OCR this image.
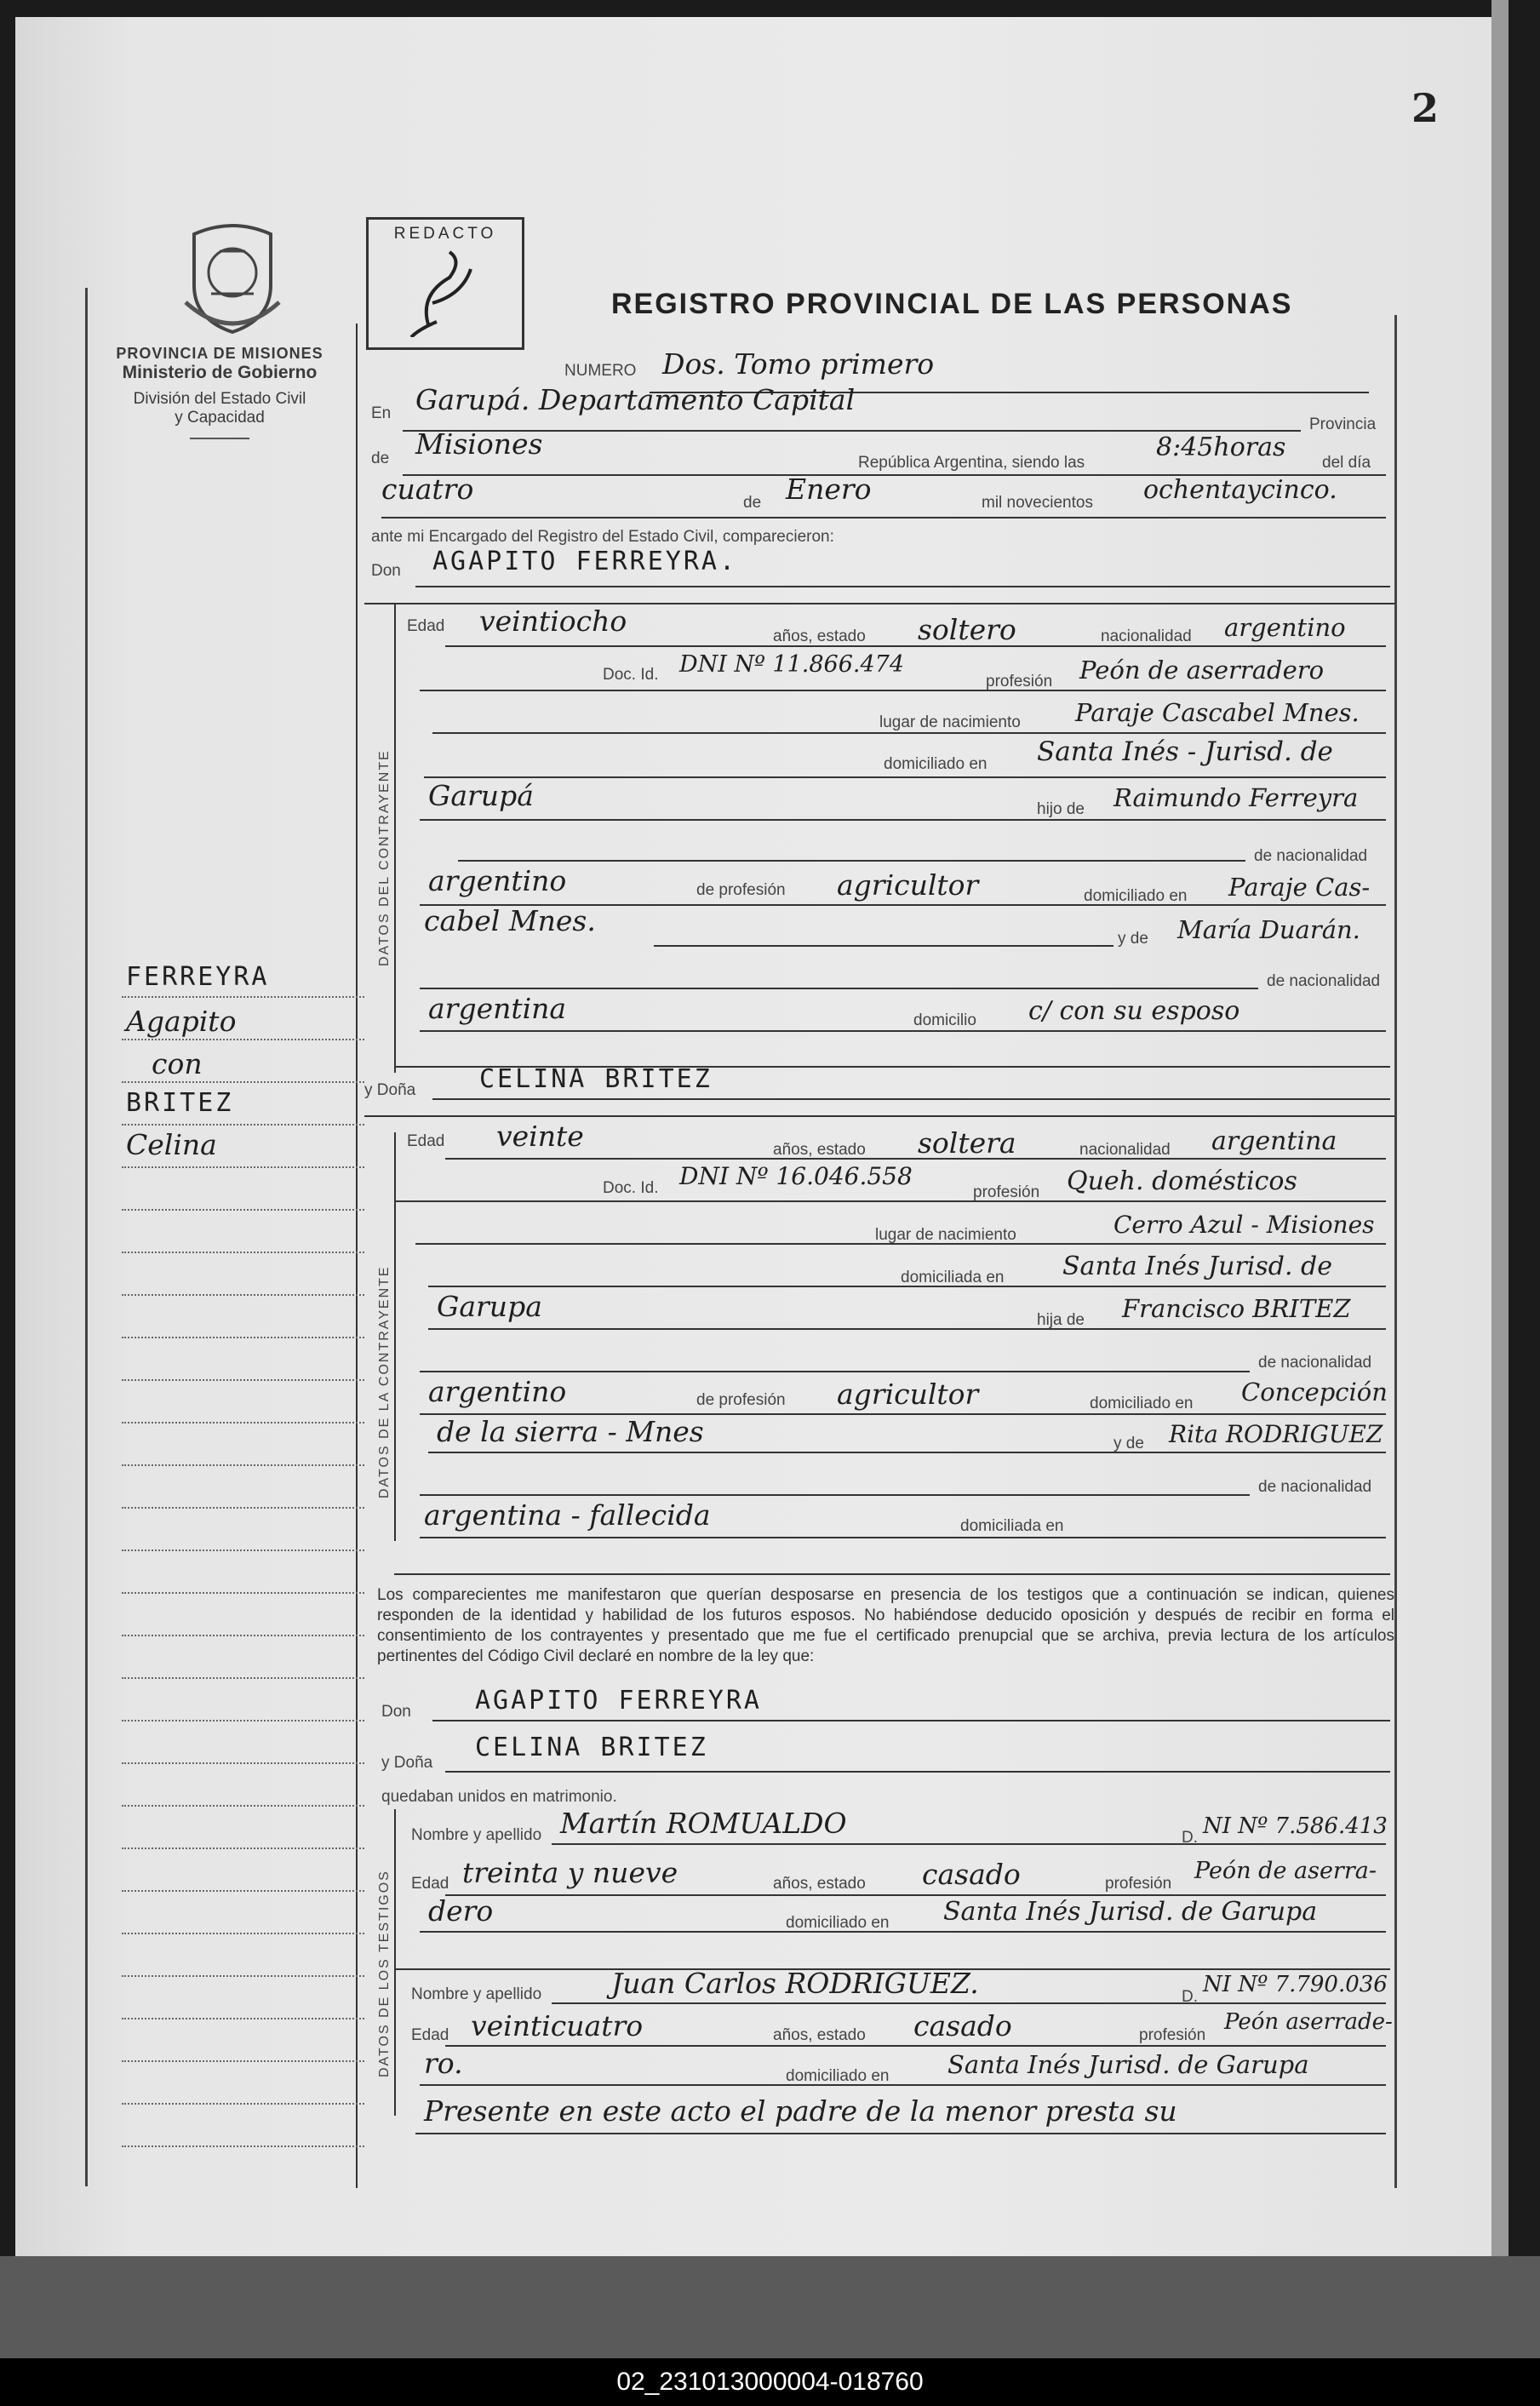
2
PROVINCIA DE MISIONES
Ministerio de Gobierno
División del Estado Civil
y Capacidad
REDACTO
REGISTRO PROVINCIAL DE LAS PERSONAS
FERREYRA
Agapito
con
BRITEZ
Celina
NUMERO Dos. Tomo primero
En Garupá. Departamento Capital
Provincia
de Misiones
República Argentina, siendo las
8:45horas
del día
cuatro	de Enero	mil novecientos ochentaycinco.
ante mi Encargado del Registro del Estado Civil, comparecieron:
Don AGAPITO FERREYRA.
DATOS DEL CONTRAYENTE
Edad veintiocho	años, estado soltero	nacionalidad argentino
Doc. Id. DNI Nº 11.866.474
profesión Peón de aserradero
lugar de nacimiento Paraje Cascabel Mnes.
domiciliado en Santa Inés - Jurisd. de
Garupá	hijo de Raimundo Ferreyra
de nacionalidad
argentino	de profesión agricultor	domiciliado en Paraje Cas-
cabel Mnes.
y de María Duarán.
de nacionalidad
argentina	domicilio c/ con su esposo
y Doña CELINA BRITEZ
DATOS DE LA CONTRAYENTE
Edad veinte	años, estado soltera	nacionalidad argentina
Doc. Id. DNI Nº 16.046.558
profesión Queh. domésticos
lugar de nacimiento	Cerro Azul - Misiones
domiciliada en Santa Inés Jurisd. de
Garupa	hija de Francisco BRITEZ
de nacionalidad
argentino	de profesión agricultor	domiciliado en Concepción
de la sierra - Mnes	y de Rita RODRIGUEZ
de nacionalidad
argentina - fallecida	domiciliada en
Los comparecientes me manifestaron que querían desposarse en presencia de los testigos que a continuación se indican, quienes responden de la identidad y habilidad de los futuros esposos. No habiéndose deducido oposición y después de recibir en forma el consentimiento de los contrayentes y presentado que me fue el certificado prenupcial que se archiva, previa lectura de los artículos pertinentes del Código Civil declaré en nombre de la ley que:
Don	AGAPITO FERREYRA
y Doña
CELINA BRITEZ
quedaban unidos en matrimonio.
DATOS DE LOS TESTIGOS
Nombre y apellido Martín ROMUALDO	D. NI Nº 7.586.413
Edad treinta y nueve	años, estado casado	profesión Peón de aserra-
dero	domiciliado en Santa Inés Jurisd. de Garupa
Nombre y apellido Juan Carlos RODRIGUEZ.	D. NI Nº 7.790.036
Edad veinticuatro	años, estado casado	profesión
Peón aserrade-
ro.	domiciliado en Santa Inés Jurisd. de Garupa
Presente en este acto el padre de la menor presta su
02_231013000004-018760
